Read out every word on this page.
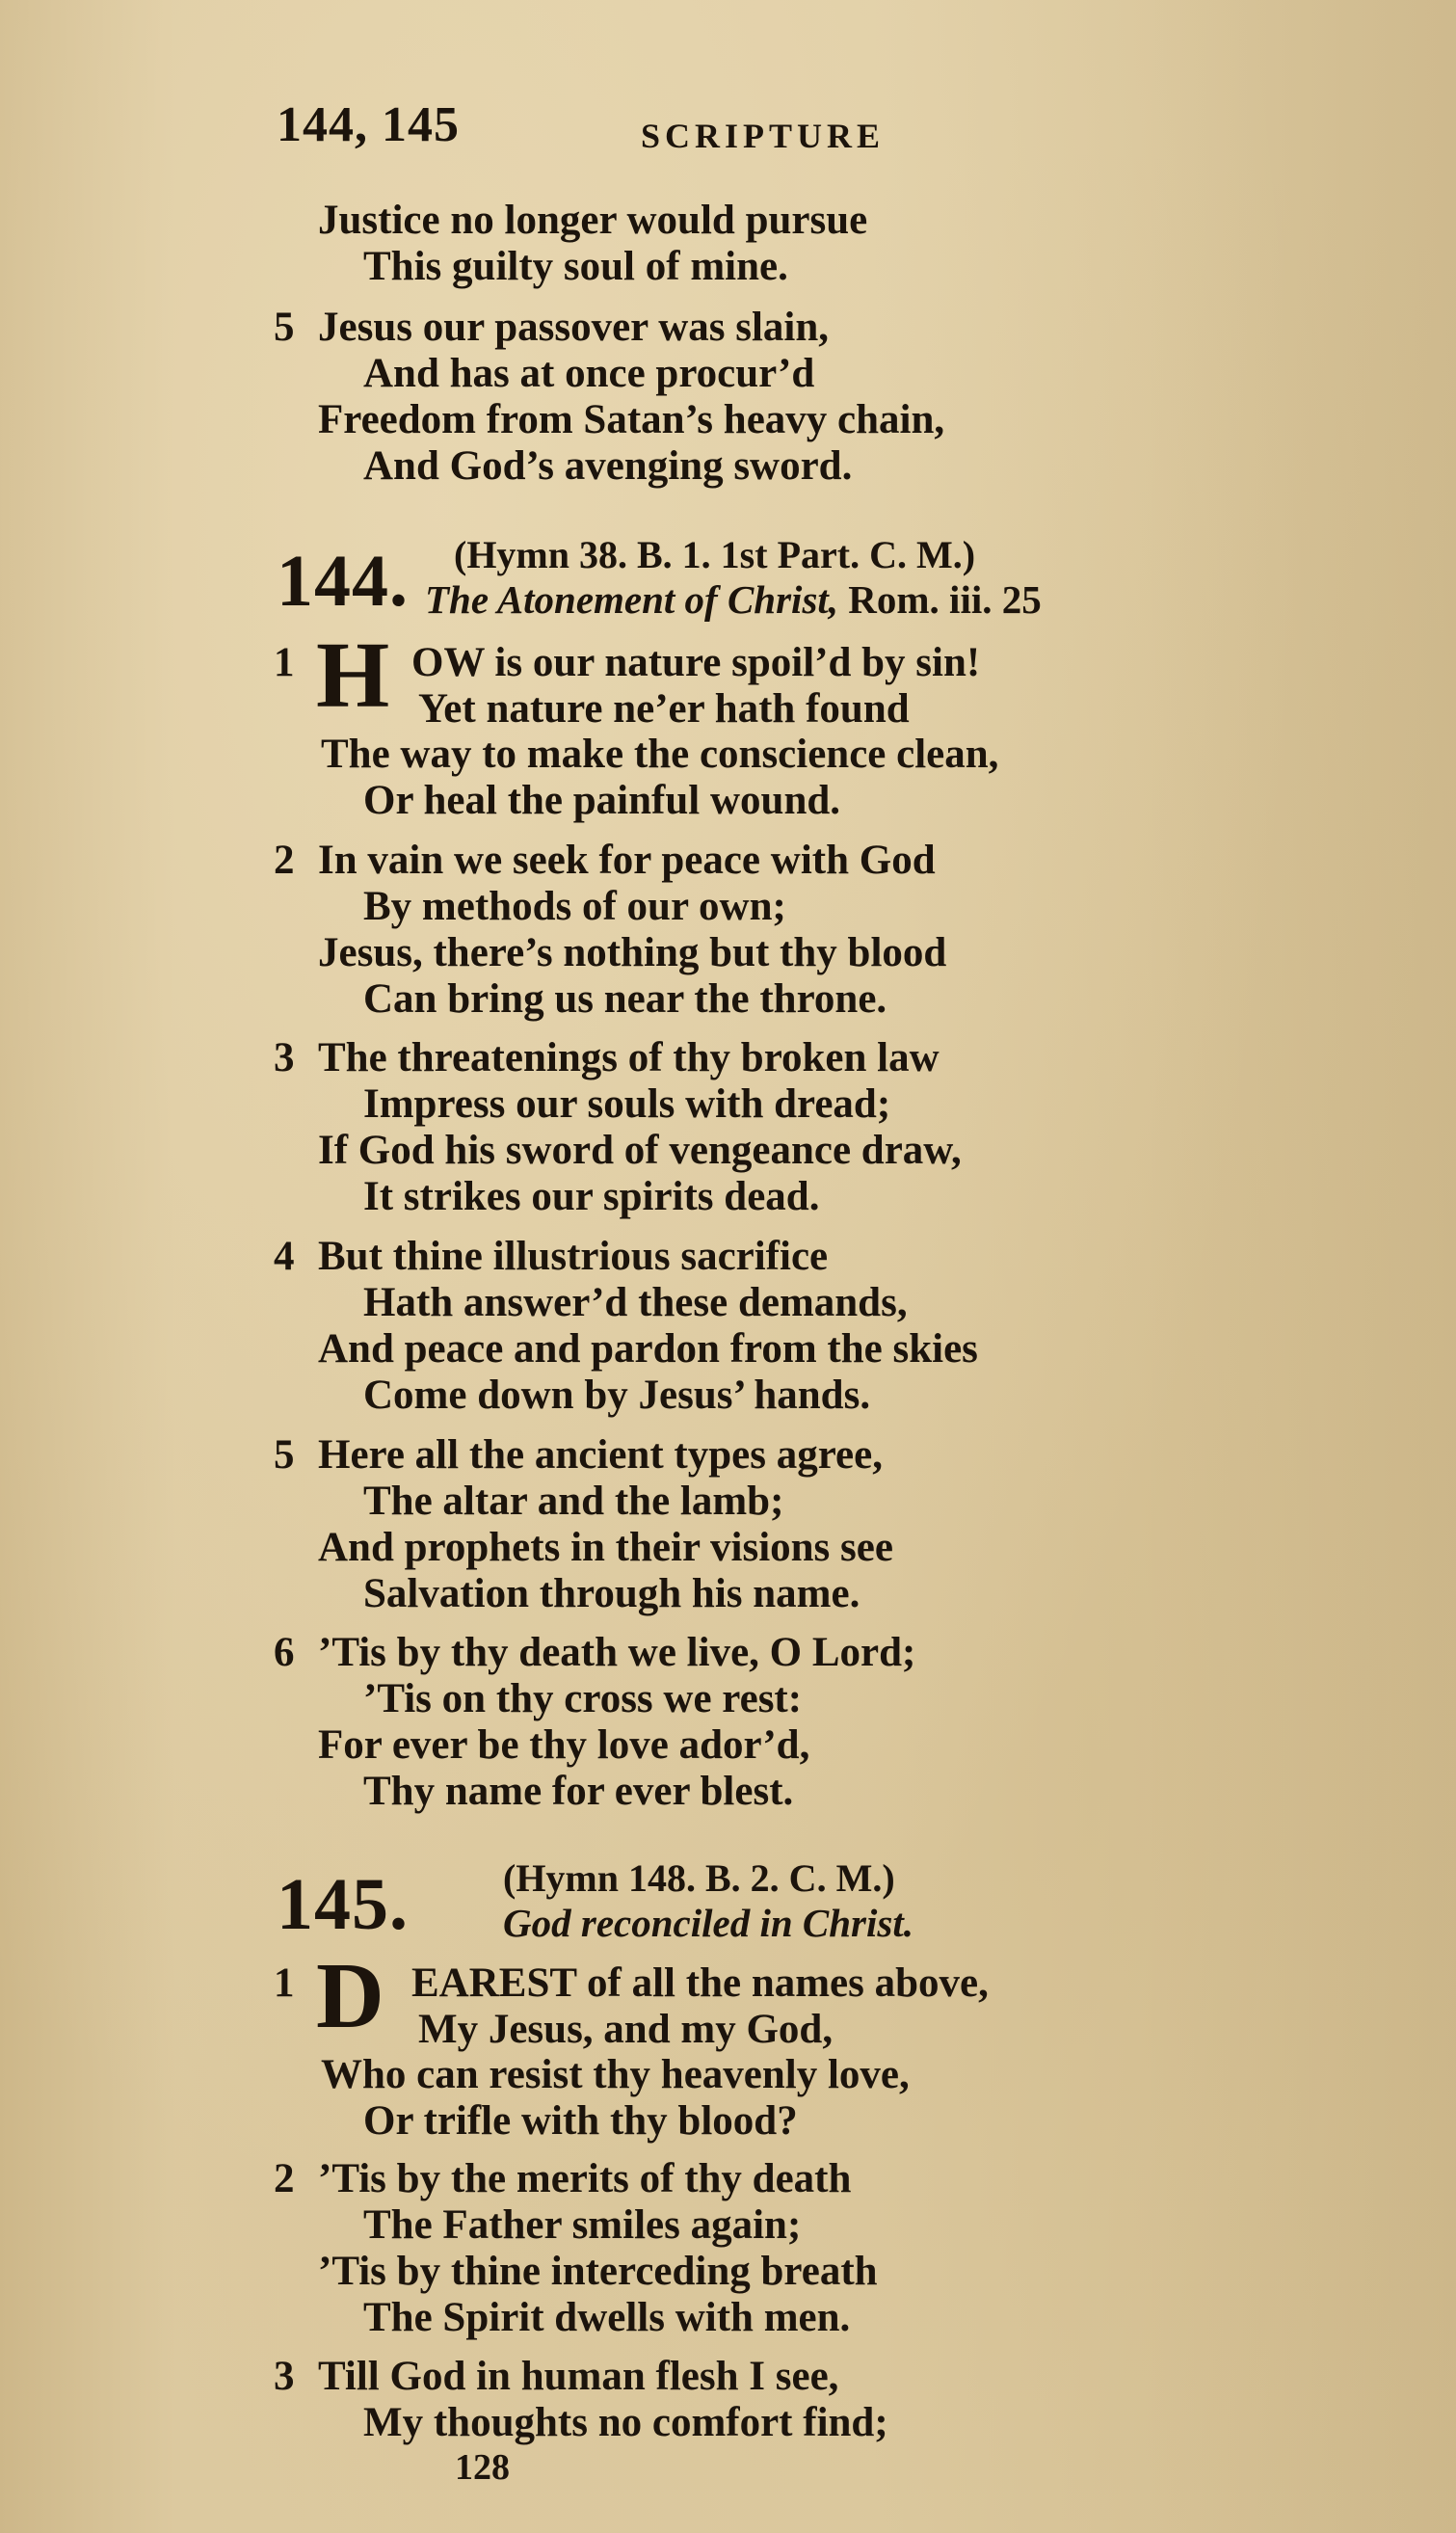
144, 145	SCRIPTURE
Justice no longer would pursue
This guilty soul of mine.
5 Jesus our passover was slain,
And has at once procur’d
Freedom from Satan’s heavy chain,
And God’s avenging sword.
144. (Hymn 38. B. 1. 1st Part. C. M.)
The Atonement of Christ, Rom. iii. 25
1 H OW is our nature spoil’d by sin!
Yet nature ne’er hath found
The way to make the conscience clean,
Or heal the painful wound.
2 In vain we seek for peace with God
By methods of our own;
Jesus, there’s nothing but thy blood
Can bring us near the throne.
3 The threatenings of thy broken law
Impress our souls with dread;
If God his sword of vengeance draw,
It strikes our spirits dead.
4 But thine illustrious sacrifice
Hath answer’d these demands,
And peace and pardon from the skies
Come down by Jesus’ hands.
5 Here all the ancient types agree,
The altar and the lamb;
And prophets in their visions see
Salvation through his name.
6 ’Tis by thy death we live, O Lord;
’Tis on thy cross we rest:
For ever be thy love ador’d,
Thy name for ever blest.
145. (Hymn 148. B. 2. C. M.)
God reconciled in Christ.
1 D EAREST of all the names above,
My Jesus, and my God,
Who can resist thy heavenly love,
Or trifle with thy blood?
2 ’Tis by the merits of thy death
The Father smiles again;
’Tis by thine interceding breath
The Spirit dwells with men.
3 Till God in human flesh I see,
My thoughts no comfort find;
128
